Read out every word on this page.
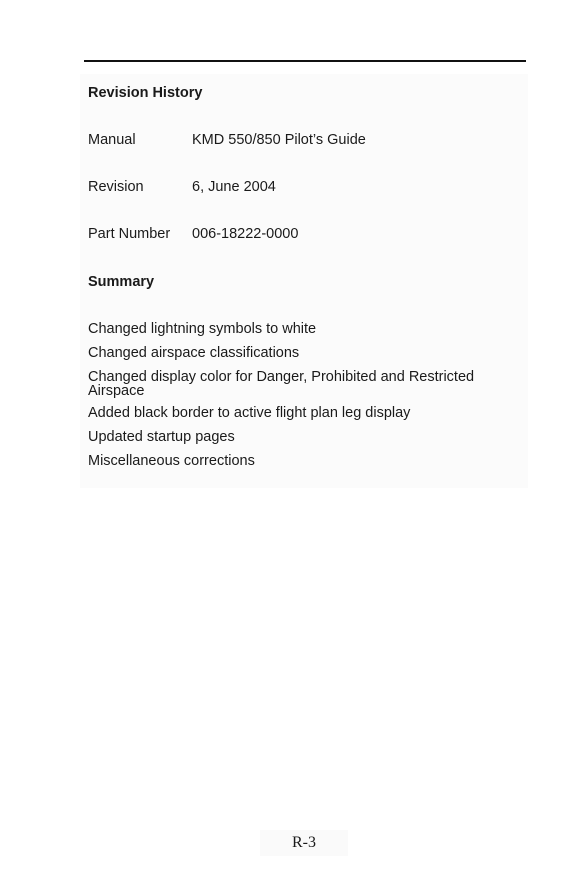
Revision History
Manual	KMD 550/850 Pilot’s Guide
Revision	6, June 2004
Part Number 006-18222-0000
Summary
Changed lightning symbols to white
Changed airspace classifications
Changed display color for Danger, Prohibited and Restricted Airspace
Added black border to active flight plan leg display
Updated startup pages
Miscellaneous corrections
R-3
